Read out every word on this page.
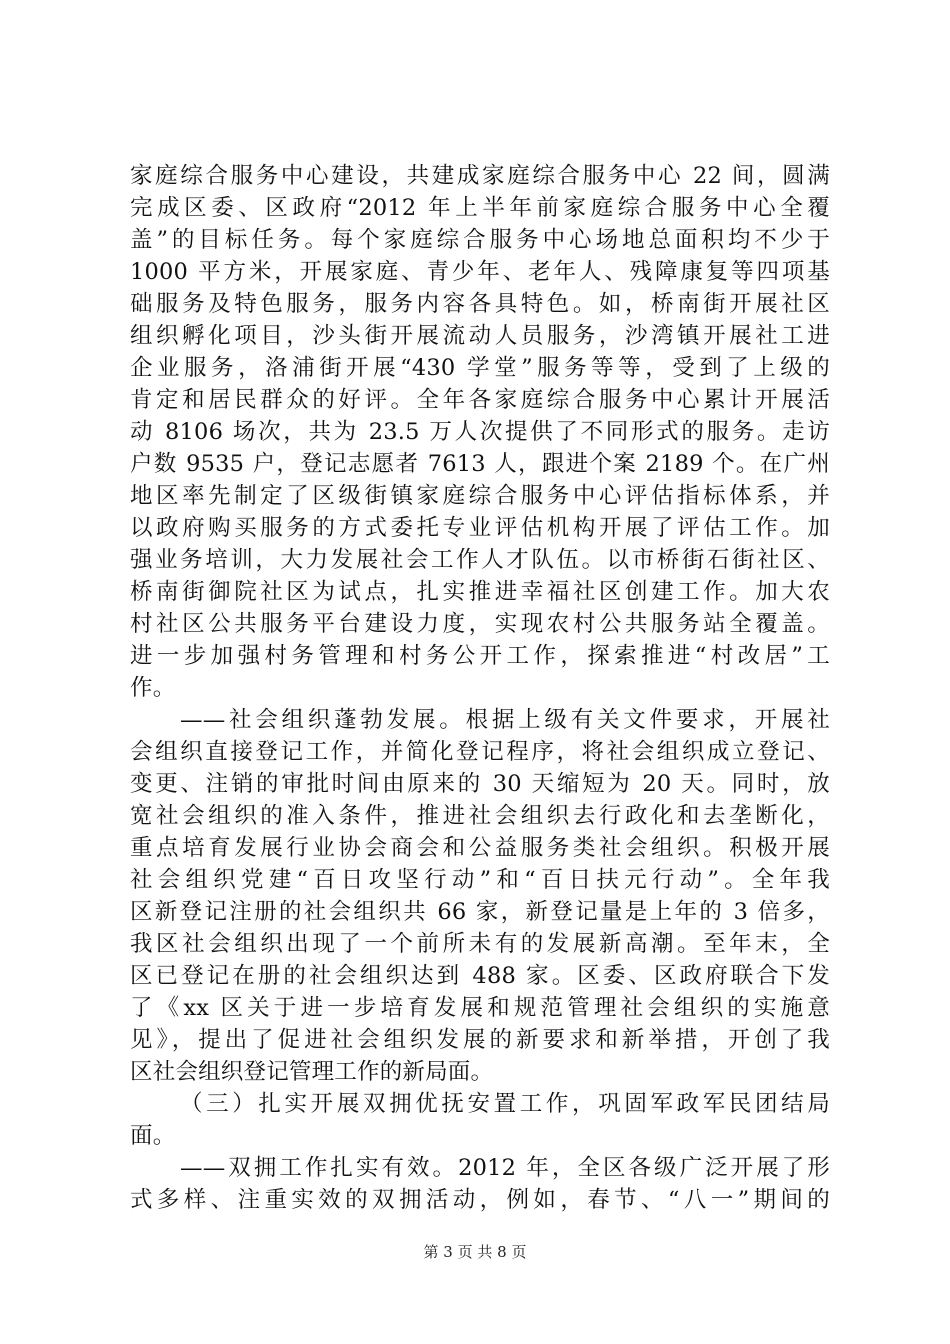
家庭综合服务中心建设，共建成家庭综合服务中心 22 间，圆满
完成区委、区政府“2012 年上半年前家庭综合服务中心全覆
盖”的目标任务。每个家庭综合服务中心场地总面积均不少于
1000 平方米，开展家庭、青少年、老年人、残障康复等四项基
础服务及特色服务，服务内容各具特色。如，桥南街开展社区
组织孵化项目，沙头街开展流动人员服务，沙湾镇开展社工进
企业服务，洛浦街开展“430 学堂”服务等等，受到了上级的
肯定和居民群众的好评。全年各家庭综合服务中心累计开展活
动 8106 场次，共为 23.5 万人次提供了不同形式的服务。走访
户数 9535 户，登记志愿者 7613 人，跟进个案 2189 个。在广州
地区率先制定了区级街镇家庭综合服务中心评估指标体系，并
以政府购买服务的方式委托专业评估机构开展了评估工作。加
强业务培训，大力发展社会工作人才队伍。以市桥街石街社区、
桥南街御院社区为试点，扎实推进幸福社区创建工作。加大农
村社区公共服务平台建设力度，实现农村公共服务站全覆盖。
进一步加强村务管理和村务公开工作，探索推进“村改居”工
作。
——社会组织蓬勃发展。根据上级有关文件要求，开展社
会组织直接登记工作，并简化登记程序，将社会组织成立登记、
变更、注销的审批时间由原来的 30 天缩短为 20 天。同时，放
宽社会组织的准入条件，推进社会组织去行政化和去垄断化，
重点培育发展行业协会商会和公益服务类社会组织。积极开展
社会组织党建“百日攻坚行动”和“百日扶元行动”。全年我
区新登记注册的社会组织共 66 家，新登记量是上年的 3 倍多，
我区社会组织出现了一个前所未有的发展新高潮。至年末，全
区已登记在册的社会组织达到 488 家。区委、区政府联合下发
了《xx 区关于进一步培育发展和规范管理社会组织的实施意
见》，提出了促进社会组织发展的新要求和新举措，开创了我
区社会组织登记管理工作的新局面。
（三）扎实开展双拥优抚安置工作，巩固军政军民团结局
面。
——双拥工作扎实有效。2012 年，全区各级广泛开展了形
式多样、注重实效的双拥活动，例如，春节、“八一”期间的
第 3 页 共 8 页
